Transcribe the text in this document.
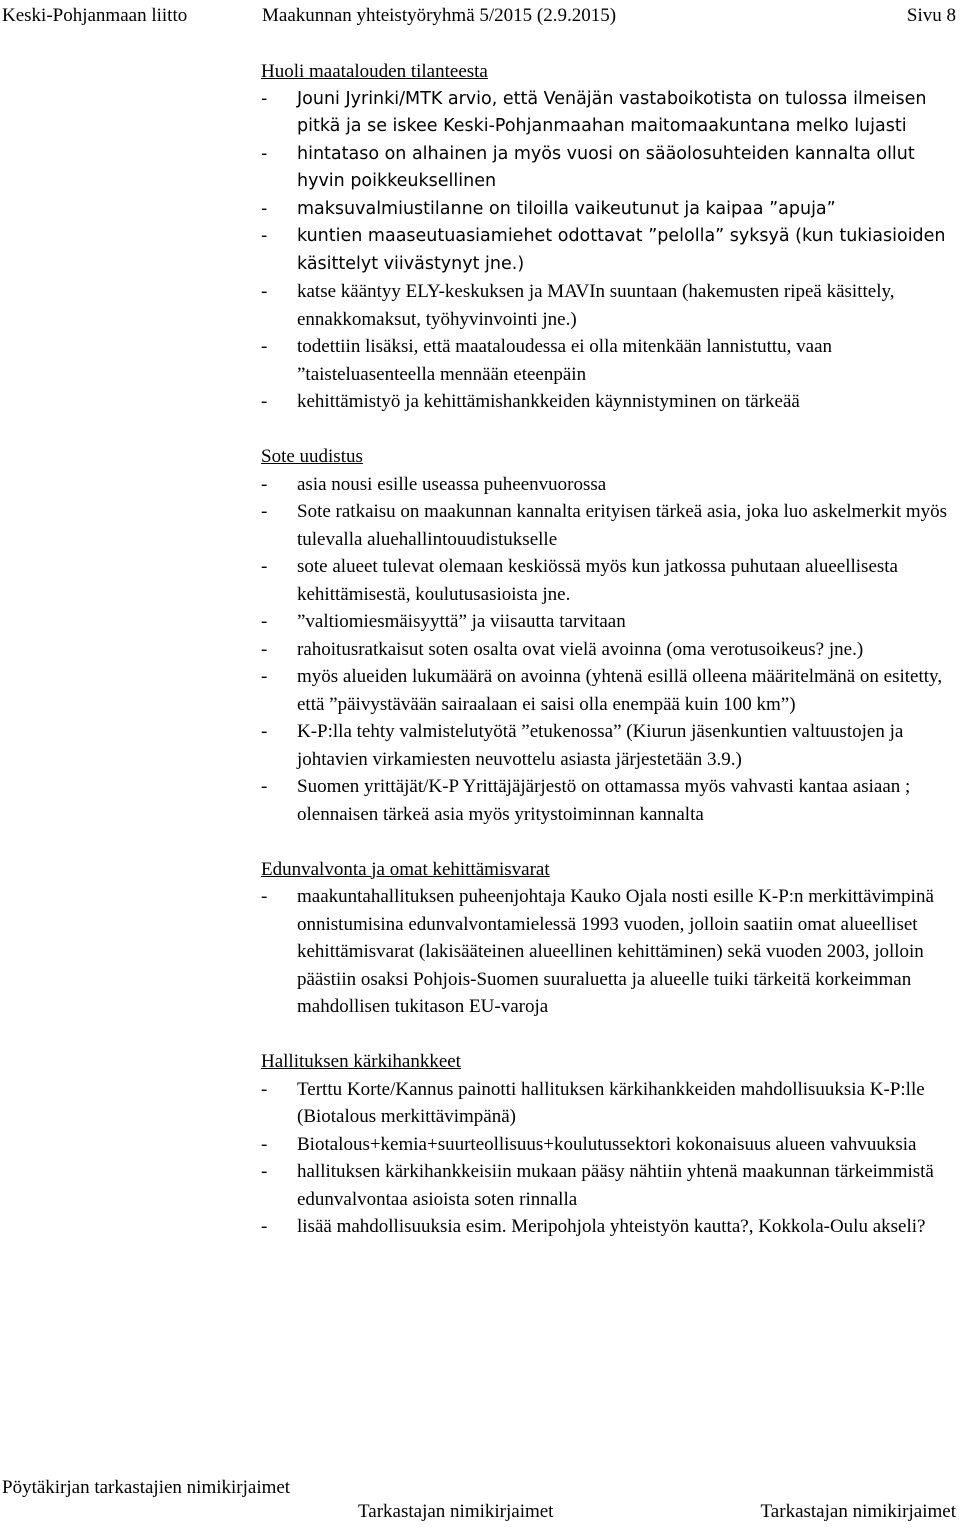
Keski-Pohjanmaan liitto	Maakunnan yhteistyöryhmä 5/2015 (2.9.2015)	Sivu 8
Huoli maatalouden tilanteesta
- Jouni Jyrinki/MTK arvio, että Venäjän vastaboikotista on tulossa ilmeisen pitkä ja se iskee Keski-Pohjanmaahan maitomaakuntana melko lujasti
- hintataso on alhainen ja myös vuosi on sääolosuhteiden kannalta ollut hyvin poikkeuksellinen
- maksuvalmiustilanne on tiloilla vaikeutunut ja kaipaa ”apuja”
- kuntien maaseutuasiamiehet odottavat ”pelolla” syksyä (kun tukiasioiden käsittelyt viivästynyt jne.)
- katse kääntyy ELY-keskuksen ja MAVIn suuntaan (hakemusten ripeä käsittely, ennakkomaksut, työhyvinvointi jne.)
- todettiin lisäksi, että maataloudessa ei olla mitenkään lannistuttu, vaan ”taisteluasenteella mennään eteenpäin
- kehittämistyö ja kehittämishankkeiden käynnistyminen on tärkeää
Sote uudistus
- asia nousi esille useassa puheenvuorossa
- Sote ratkaisu on maakunnan kannalta erityisen tärkeä asia, joka luo askelmerkit myös tulevalla aluehallintouudistukselle
- sote alueet tulevat olemaan keskiössä myös kun jatkossa puhutaan alueellisesta kehittämisestä, koulutusasioista jne.
- ”valtiomiesmäisyyttä” ja viisautta tarvitaan
- rahoitusratkaisut soten osalta ovat vielä avoinna (oma verotusoikeus? jne.)
- myös alueiden lukumäärä on avoinna (yhtenä esillä olleena määritelmänä on esitetty, että ”päivystävään sairaalaan ei saisi olla enempää kuin 100 km”)
- K-P:lla tehty valmistelutyötä ”etukenossa” (Kiurun jäsenkuntien valtuustojen ja johtavien virkamiesten neuvottelu asiasta järjestetään 3.9.)
- Suomen yrittäjät/K-P Yrittäjäjärjestö on ottamassa myös vahvasti kantaa asiaan ; olennaisen tärkeä asia myös yritystoiminnan kannalta
Edunvalvonta ja omat kehittämisvarat
- maakuntahallituksen puheenjohtaja Kauko Ojala nosti esille K-P:n merkittävimpinä onnistumisina edunvalvontamielessä 1993 vuoden, jolloin saatiin omat alueelliset kehittämisvarat (lakisääteinen alueellinen kehittäminen) sekä vuoden 2003, jolloin päästiin osaksi Pohjois-Suomen suuraluetta ja alueelle tuiki tärkeitä korkeimman mahdollisen tukitason EU-varoja
Hallituksen kärkihankkeet
- Terttu Korte/Kannus painotti hallituksen kärkihankkeiden mahdollisuuksia K-P:lle (Biotalous merkittävimpänä)
- Biotalous+kemia+suurteollisuus+koulutussektori kokonaisuus alueen vahvuuksia
- hallituksen kärkihankkeisiin mukaan pääsy nähtiin yhtenä maakunnan tärkeimmistä edunvalvontaa asioista soten rinnalla
- lisää mahdollisuuksia esim. Meripohjola yhteistyön kautta?, Kokkola-Oulu akseli?
Pöytäkirjan tarkastajien nimikirjaimet
Tarkastajan nimikirjaimet	Tarkastajan nimikirjaimet
